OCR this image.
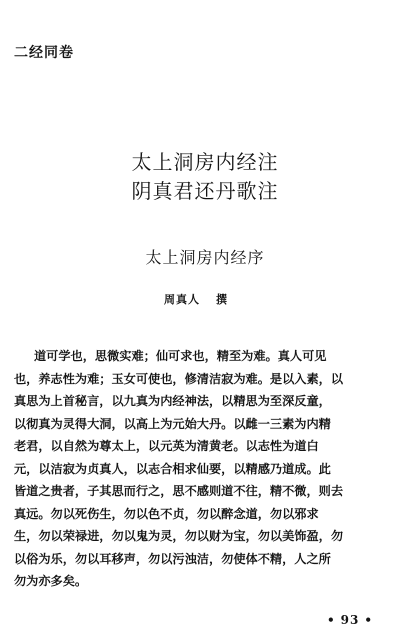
二经同卷
太上洞房内经注
阴真君还丹歌注
太上洞房内经序
周真人 撰
道可学也，思微实难；仙可求也，精至为难。真人可见
也，养志性为难；玉女可使也，修清洁寂为难。是以入素，以
真思为上首秘言，以九真为内经神法，以精思为至深反童，
以彻真为灵得大洞，以高上为元始大丹。以雌一三素为内精
老君，以自然为尊太上，以元英为清黄老。以志性为道白
元，以洁寂为贞真人，以志合相求仙要，以精感乃道成。此
皆道之贵者，子其思而行之，思不感则道不往，精不微，则去
真远。勿以死伤生，勿以色不贞，勿以醉念道，勿以邪求
生，勿以荣禄进，勿以鬼为灵，勿以财为宝，勿以美饰盈，勿
以俗为乐，勿以耳移声，勿以污浊洁，勿使体不精，人之所
勿为亦多矣。
• 93 •
